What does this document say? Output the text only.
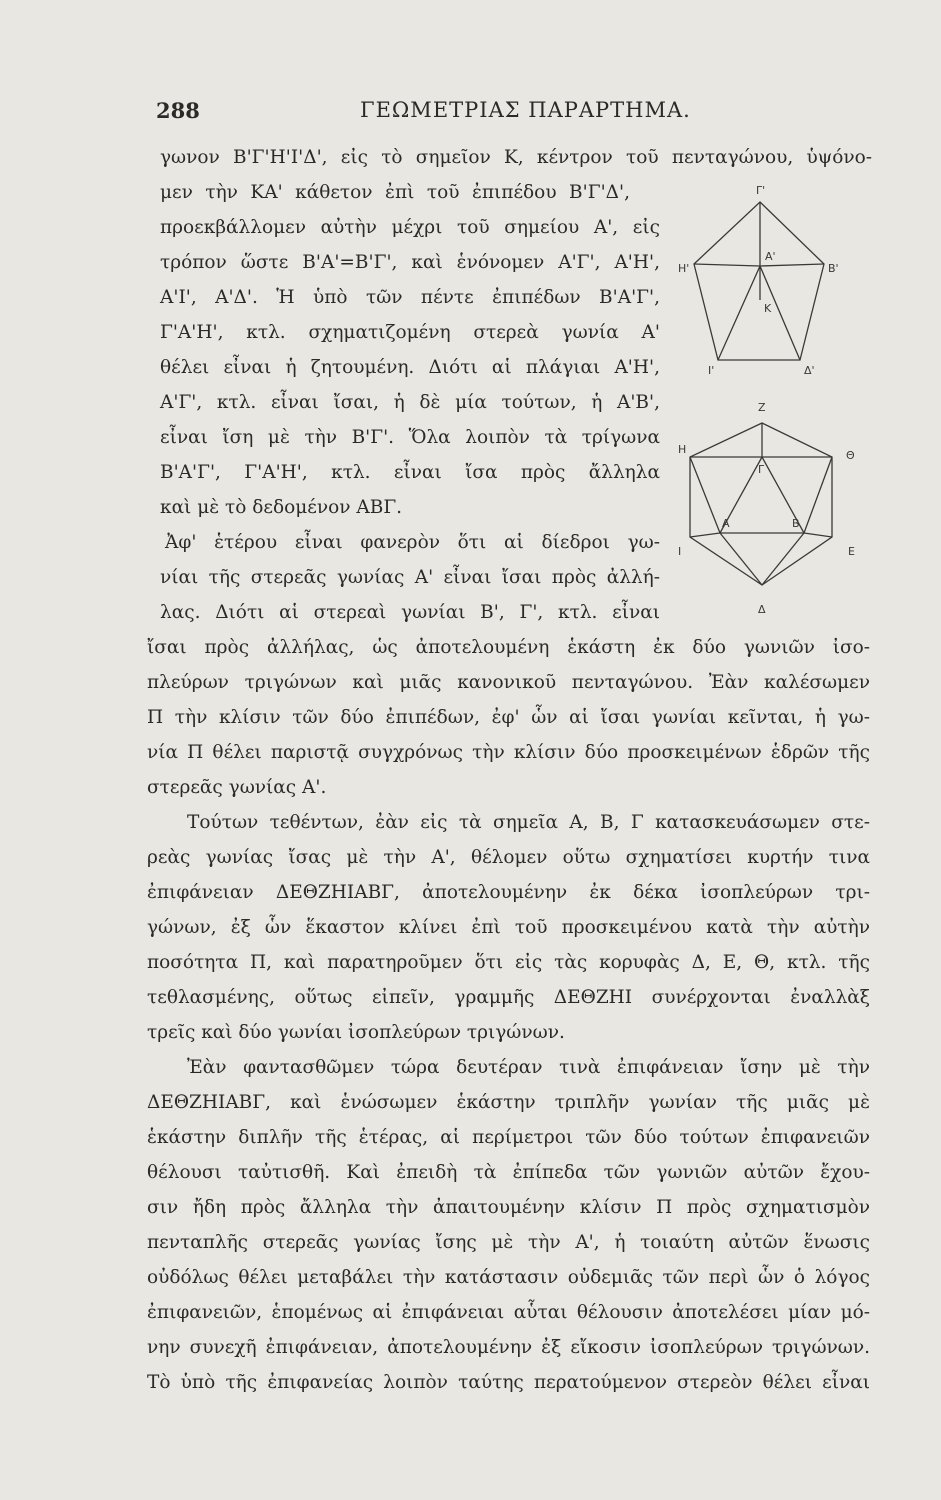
288	ΓΕΩΜΕΤΡΙΑΣ ΠΑΡΑΡΤΗΜΑ.
Γ'
A'
B'
H'
K
I'	Δ'
Z
H	Θ
Γ
A	B
I	E
Δ
γωνον Β'Γ'Η'Ι'Δ', εἰς τὸ σημεῖον Κ, κέντρον τοῦ πενταγώνου, ὑψόνο-
μεν τὴν ΚΑ' κάθετον ἐπὶ τοῦ ἐπιπέδου Β'Γ'Δ',
προεκβάλλομεν αὐτὴν μέχρι τοῦ σημείου Α', εἰς
τρόπον ὥστε Β'Α'=Β'Γ', καὶ ἑνόνομεν Α'Γ', Α'Η',
Α'Ι', Α'Δ'. Ἡ ὑπὸ τῶν πέντε ἐπιπέδων Β'Α'Γ',
Γ'Α'Η', κτλ. σχηματιζομένη στερεὰ γωνία Α'
θέλει εἶναι ἡ ζητουμένη. Διότι αἱ πλάγιαι Α'Η',
Α'Γ', κτλ. εἶναι ἴσαι, ἡ δὲ μία τούτων, ἡ Α'Β',
εἶναι ἴση μὲ τὴν Β'Γ'. Ὅλα λοιπὸν τὰ τρίγωνα
Β'Α'Γ', Γ'Α'Η', κτλ. εἶναι ἴσα πρὸς ἄλληλα
καὶ μὲ τὸ δεδομένον ΑΒΓ.
Ἀφ' ἑτέρου εἶναι φανερὸν ὅτι αἱ δίεδροι γω-
νίαι τῆς στερεᾶς γωνίας Α' εἶναι ἴσαι πρὸς ἀλλή-
λας. Διότι αἱ στερεαὶ γωνίαι Β', Γ', κτλ. εἶναι
ἴσαι πρὸς ἀλλήλας, ὡς ἀποτελουμένη ἑκάστη ἐκ δύο γωνιῶν ἰσο-
πλεύρων τριγώνων καὶ μιᾶς κανονικοῦ πενταγώνου. Ἐὰν καλέσωμεν
Π τὴν κλίσιν τῶν δύο ἐπιπέδων, ἐφ' ὧν αἱ ἴσαι γωνίαι κεῖνται, ἡ γω-
νία Π θέλει παριστᾷ συγχρόνως τὴν κλίσιν δύο προσκειμένων ἑδρῶν τῆς
στερεᾶς γωνίας Α'.
Τούτων τεθέντων, ἐὰν εἰς τὰ σημεῖα Α, Β, Γ κατασκευάσωμεν στε-
ρεὰς γωνίας ἴσας μὲ τὴν Α', θέλομεν οὕτω σχηματίσει κυρτήν τινα
ἐπιφάνειαν ΔΕΘΖΗΙΑΒΓ, ἀποτελουμένην ἐκ δέκα ἰσοπλεύρων τρι-
γώνων, ἐξ ὧν ἕκαστον κλίνει ἐπὶ τοῦ προσκειμένου κατὰ τὴν αὐτὴν
ποσότητα Π, καὶ παρατηροῦμεν ὅτι εἰς τὰς κορυφὰς Δ, Ε, Θ, κτλ. τῆς
τεθλασμένης, οὕτως εἰπεῖν, γραμμῆς ΔΕΘΖΗΙ συνέρχονται ἐναλλὰξ
τρεῖς καὶ δύο γωνίαι ἰσοπλεύρων τριγώνων.
Ἐὰν φαντασθῶμεν τώρα δευτέραν τινὰ ἐπιφάνειαν ἴσην μὲ τὴν
ΔΕΘΖΗΙΑΒΓ, καὶ ἑνώσωμεν ἑκάστην τριπλῆν γωνίαν τῆς μιᾶς μὲ
ἑκάστην διπλῆν τῆς ἑτέρας, αἱ περίμετροι τῶν δύο τούτων ἐπιφανειῶν
θέλουσι ταὐτισθῆ. Καὶ ἐπειδὴ τὰ ἐπίπεδα τῶν γωνιῶν αὐτῶν ἔχου-
σιν ἤδη πρὸς ἄλληλα τὴν ἀπαιτουμένην κλίσιν Π πρὸς σχηματισμὸν
πενταπλῆς στερεᾶς γωνίας ἴσης μὲ τὴν Α', ἡ τοιαύτη αὐτῶν ἕνωσις
οὐδόλως θέλει μεταβάλει τὴν κατάστασιν οὐδεμιᾶς τῶν περὶ ὧν ὁ λόγος
ἐπιφανειῶν, ἑπομένως αἱ ἐπιφάνειαι αὗται θέλουσιν ἀποτελέσει μίαν μό-
νην συνεχῆ ἐπιφάνειαν, ἀποτελουμένην ἐξ εἴκοσιν ἰσοπλεύρων τριγώνων.
Τὸ ὑπὸ τῆς ἐπιφανείας λοιπὸν ταύτης περατούμενον στερεὸν θέλει εἶναι
